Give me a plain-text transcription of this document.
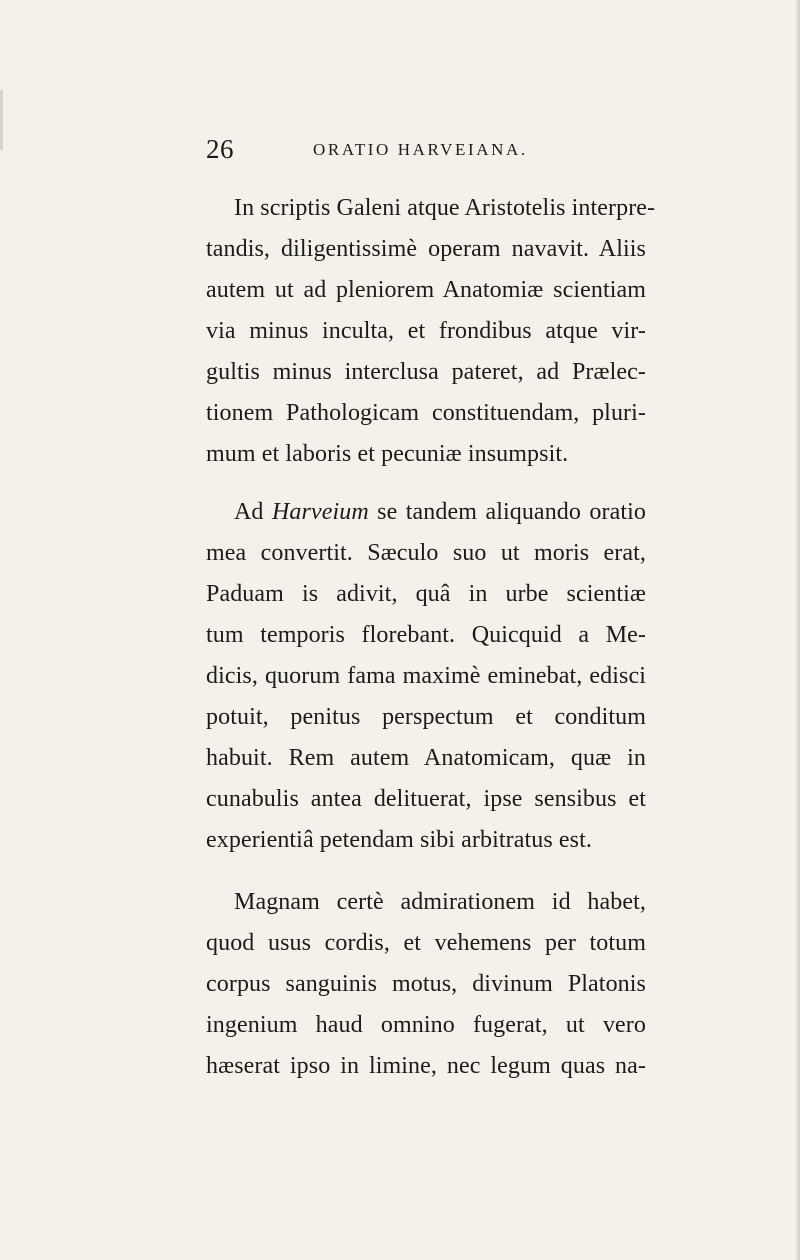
26	ORATIO HARVEIANA.
In scriptis Galeni atque Aristotelis interpre-
tandis, diligentissimè operam navavit. Aliis
autem ut ad pleniorem Anatomiæ scientiam
via minus inculta, et frondibus atque vir-
gultis minus interclusa pateret, ad Prælec-
tionem Pathologicam constituendam, pluri-
mum et laboris et pecuniæ insumpsit.
Ad Harveium se tandem aliquando oratio
mea convertit. Sæculo suo ut moris erat,
Paduam is adivit, quâ in urbe scientiæ
tum temporis florebant. Quicquid a Me-
dicis, quorum fama maximè eminebat, edisci
potuit, penitus perspectum et conditum
habuit. Rem autem Anatomicam, quæ in
cunabulis antea delituerat, ipse sensibus et
experientiâ petendam sibi arbitratus est.
Magnam certè admirationem id habet,
quod usus cordis, et vehemens per totum
corpus sanguinis motus, divinum Platonis
ingenium haud omnino fugerat, ut vero
hæserat ipso in limine, nec legum quas na-
